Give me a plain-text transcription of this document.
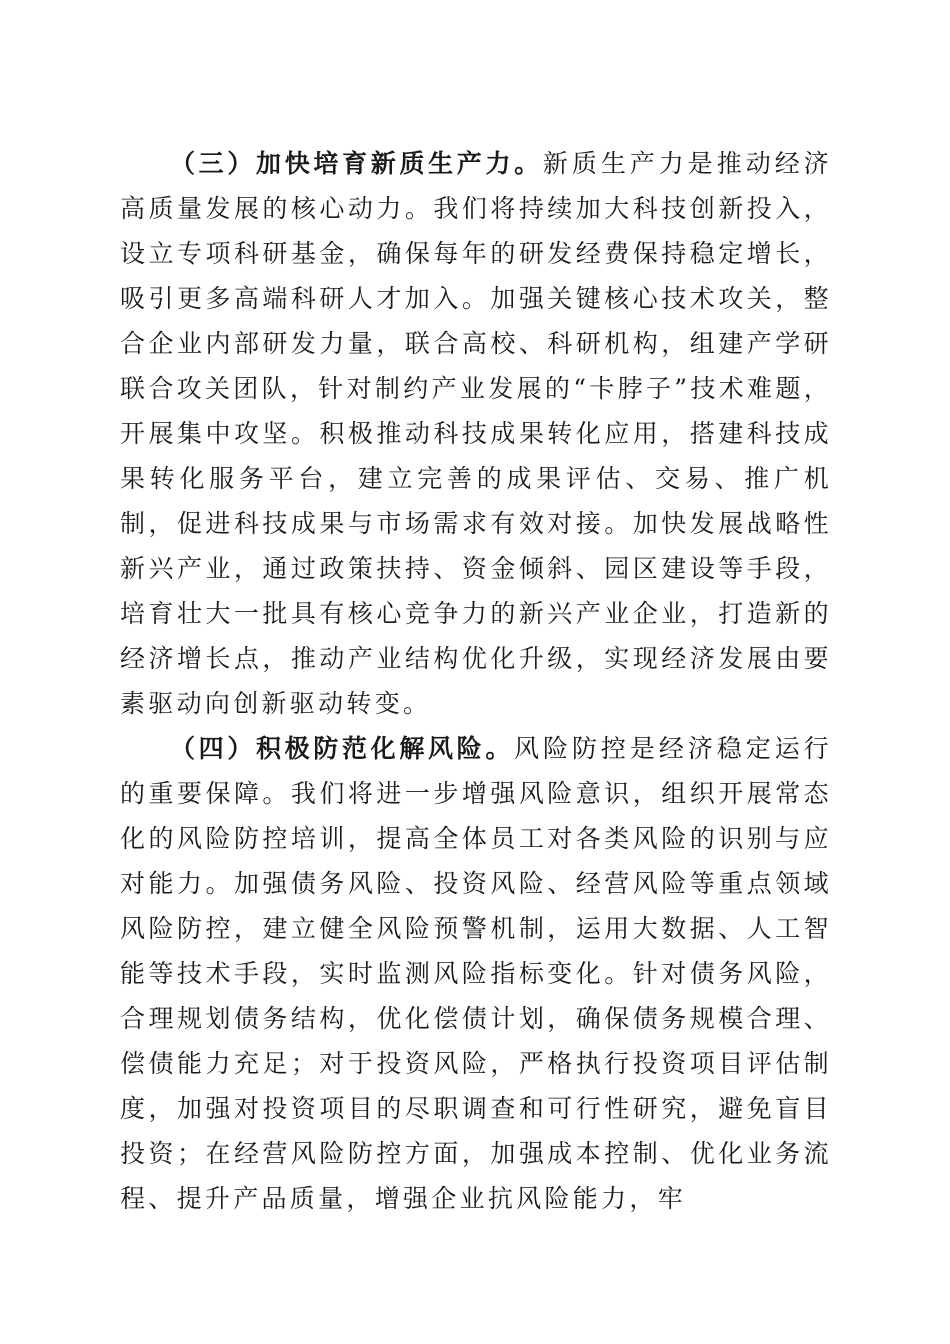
（三）加快培育新质生产力。新质生产力是推动经济高质量发展的核心动力。我们将持续加大科技创新投入，设立专项科研基金，确保每年的研发经费保持稳定增长，吸引更多高端科研人才加入。加强关键核心技术攻关，整合企业内部研发力量，联合高校、科研机构，组建产学研联合攻关团队，针对制约产业发展的“卡脖子”技术难题，开展集中攻坚。积极推动科技成果转化应用，搭建科技成果转化服务平台，建立完善的成果评估、交易、推广机制，促进科技成果与市场需求有效对接。加快发展战略性新兴产业，通过政策扶持、资金倾斜、园区建设等手段，培育壮大一批具有核心竞争力的新兴产业企业，打造新的经济增长点，推动产业结构优化升级，实现经济发展由要素驱动向创新驱动转变。

（四）积极防范化解风险。风险防控是经济稳定运行的重要保障。我们将进一步增强风险意识，组织开展常态化的风险防控培训，提高全体员工对各类风险的识别与应对能力。加强债务风险、投资风险、经营风险等重点领域风险防控，建立健全风险预警机制，运用大数据、人工智能等技术手段，实时监测风险指标变化。针对债务风险，合理规划债务结构，优化偿债计划，确保债务规模合理、偿债能力充足；对于投资风险，严格执行投资项目评估制度，加强对投资项目的尽职调查和可行性研究，避免盲目投资；在经营风险防控方面，加强成本控制、优化业务流程、提升产品质量，增强企业抗风险能力，牢
